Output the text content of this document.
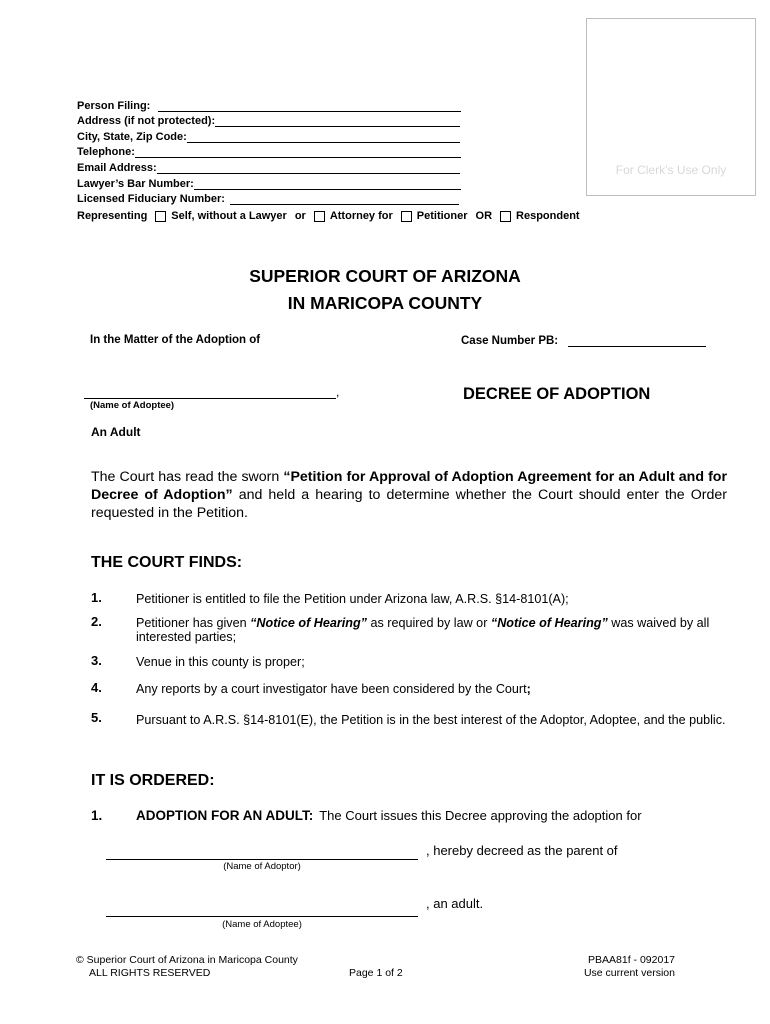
For Clerk’s Use Only
Person Filing:
Address (if not protected):
City, State, Zip Code:
Telephone:
Email Address:
Lawyer’s Bar Number:
Licensed Fiduciary Number:
Representing Self, without a Lawyer or Attorney for Petitioner OR Respondent
SUPERIOR COURT OF ARIZONA
IN MARICOPA COUNTY
In the Matter of the Adoption of	Case Number PB:
,
(Name of Adoptee)
DECREE OF ADOPTION
An Adult
The Court has read the sworn “Petition for Approval of Adoption Agreement for an Adult and for Decree of Adoption” and held a hearing to determine whether the Court should enter the Order requested in the Petition.
THE COURT FINDS:
1.	Petitioner is entitled to file the Petition under Arizona law, A.R.S. §14-8101(A);
2.	Petitioner has given “Notice of Hearing” as required by law or “Notice of Hearing” was waived by all interested parties;
3.	Venue in this county is proper;
4.	Any reports by a court investigator have been considered by the Court;
5.	Pursuant to A.R.S. §14-8101(E), the Petition is in the best interest of the Adoptor, Adoptee, and the public.
IT IS ORDERED:
1. ADOPTION FOR AN ADULT: The Court issues this Decree approving the adoption for
, hereby decreed as the parent of
(Name of Adoptor)
, an adult.
(Name of Adoptee)
© Superior Court of Arizona in Maricopa County
ALL RIGHTS RESERVED	Page 1 of 2
PBAA81f - 092017
Use current version
